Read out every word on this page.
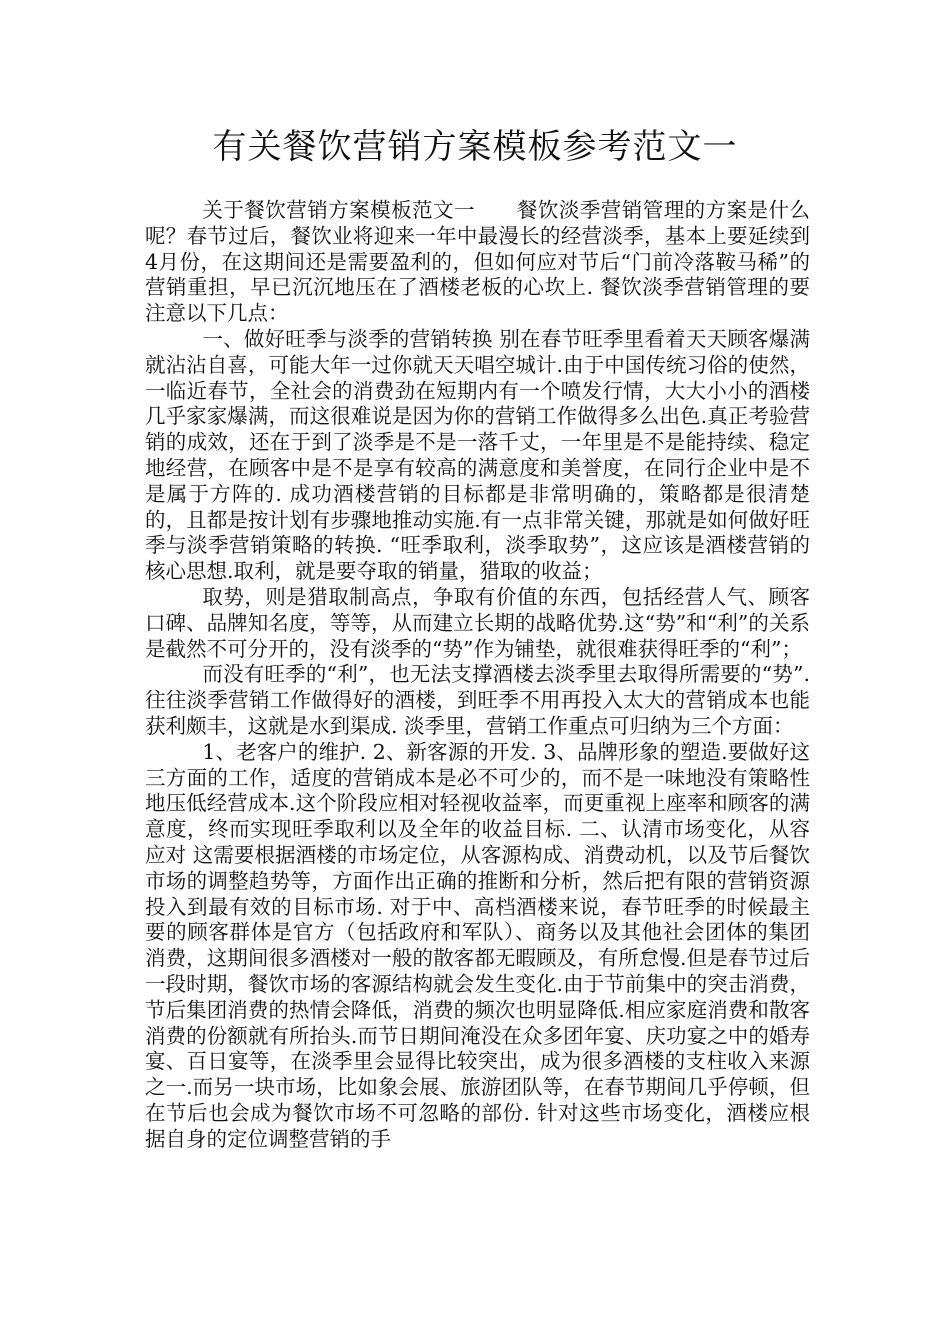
有关餐饮营销方案模板参考范文一

关于餐饮营销方案模板范文一　　餐饮淡季营销管理的方案是什么呢？春节过后，餐饮业将迎来一年中最漫长的经营淡季，基本上要延续到4月份，在这期间还是需要盈利的，但如何应对节后“门前冷落鞍马稀”的营销重担，早已沉沉地压在了酒楼老板的心坎上. 餐饮淡季营销管理的要注意以下几点：

一、做好旺季与淡季的营销转换 别在春节旺季里看着天天顾客爆满就沾沾自喜，可能大年一过你就天天唱空城计.由于中国传统习俗的使然，一临近春节，全社会的消费劲在短期内有一个喷发行情，大大小小的酒楼几乎家家爆满，而这很难说是因为你的营销工作做得多么出色.真正考验营销的成效，还在于到了淡季是不是一落千丈，一年里是不是能持续、稳定地经营，在顾客中是不是享有较高的满意度和美誉度，在同行企业中是不是属于方阵的. 成功酒楼营销的目标都是非常明确的，策略都是很清楚的，且都是按计划有步骤地推动实施.有一点非常关键，那就是如何做好旺季与淡季营销策略的转换. “旺季取利，淡季取势”，这应该是酒楼营销的核心思想.取利，就是要夺取的销量，猎取的收益；

取势，则是猎取制高点，争取有价值的东西，包括经营人气、顾客口碑、品牌知名度，等等，从而建立长期的战略优势.这“势”和“利”的关系是截然不可分开的，没有淡季的“势”作为铺垫，就很难获得旺季的“利”；

而没有旺季的“利”，也无法支撑酒楼去淡季里去取得所需要的“势”.往往淡季营销工作做得好的酒楼，到旺季不用再投入太大的营销成本也能获利颇丰，这就是水到渠成. 淡季里，营销工作重点可归纳为三个方面：

1、老客户的维护. 2、新客源的开发. 3、品牌形象的塑造.要做好这三方面的工作，适度的营销成本是必不可少的，而不是一味地没有策略性地压低经营成本.这个阶段应相对轻视收益率，而更重视上座率和顾客的满意度，终而实现旺季取利以及全年的收益目标. 二、认清市场变化，从容应对 这需要根据酒楼的市场定位，从客源构成、消费动机，以及节后餐饮市场的调整趋势等，方面作出正确的推断和分析，然后把有限的营销资源投入到最有效的目标市场. 对于中、高档酒楼来说，春节旺季的时候最主要的顾客群体是官方（包括政府和军队）、商务以及其他社会团体的集团消费，这期间很多酒楼对一般的散客都无暇顾及，有所怠慢.但是春节过后一段时期，餐饮市场的客源结构就会发生变化.由于节前集中的突击消费，节后集团消费的热情会降低，消费的频次也明显降低.相应家庭消费和散客消费的份额就有所抬头.而节日期间淹没在众多团年宴、庆功宴之中的婚寿宴、百日宴等，在淡季里会显得比较突出，成为很多酒楼的支柱收入来源之一.而另一块市场，比如象会展、旅游团队等，在春节期间几乎停顿，但在节后也会成为餐饮市场不可忽略的部份. 针对这些市场变化，酒楼应根据自身的定位调整营销的手
